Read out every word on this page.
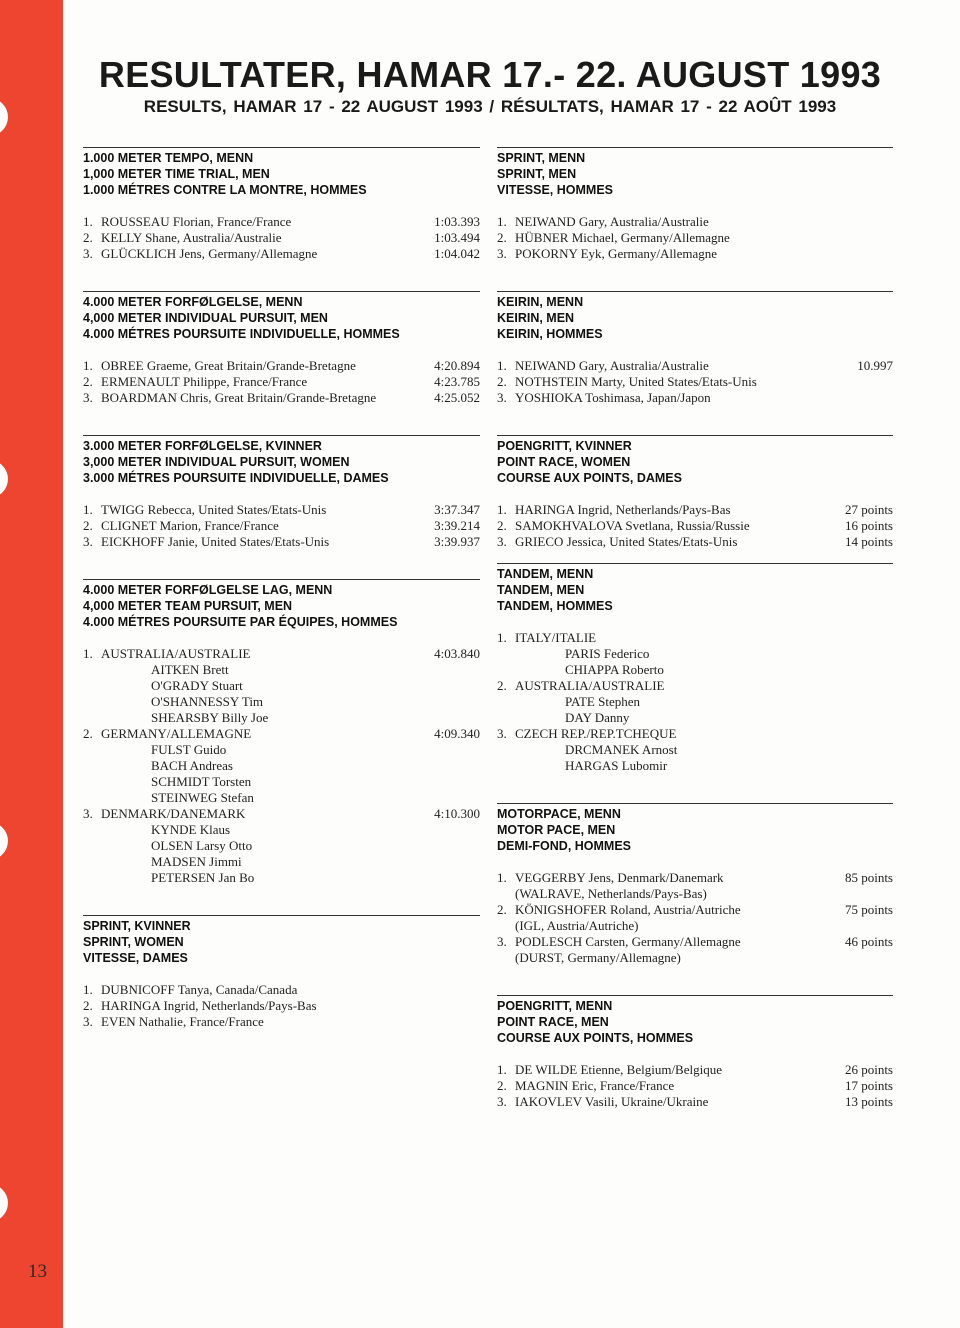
13
RESULTATER, HAMAR 17.- 22. AUGUST 1993
RESULTS, HAMAR 17 - 22 AUGUST 1993 / RÉSULTATS, HAMAR 17 - 22 AOÛT 1993
1.000 METER TEMPO, MENN
1,000 METER TIME TRIAL, MEN
1.000 MÉTRES CONTRE LA MONTRE, HOMMES
1. ROUSSEAU Florian, France/France	1:03.393
2. KELLY Shane, Australia/Australie	1:03.494
3. GLÜCKLICH Jens, Germany/Allemagne	1:04.042
4.000 METER FORFØLGELSE, MENN
4,000 METER INDIVIDUAL PURSUIT, MEN
4.000 MÉTRES POURSUITE INDIVIDUELLE, HOMMES
1. OBREE Graeme, Great Britain/Grande-Bretagne	4:20.894
2. ERMENAULT Philippe, France/France	4:23.785
3. BOARDMAN Chris, Great Britain/Grande-Bretagne	4:25.052
3.000 METER FORFØLGELSE, KVINNER
3,000 METER INDIVIDUAL PURSUIT, WOMEN
3.000 MÉTRES POURSUITE INDIVIDUELLE, DAMES
1. TWIGG Rebecca, United States/Etats-Unis	3:37.347
2. CLIGNET Marion, France/France	3:39.214
3. EICKHOFF Janie, United States/Etats-Unis	3:39.937
4.000 METER FORFØLGELSE LAG, MENN
4,000 METER TEAM PURSUIT, MEN
4.000 MÉTRES POURSUITE PAR ÉQUIPES, HOMMES
1. AUSTRALIA/AUSTRALIE	4:03.840
AITKEN Brett
O'GRADY Stuart
O'SHANNESSY Tim
SHEARSBY Billy Joe
2. GERMANY/ALLEMAGNE	4:09.340
FULST Guido
BACH Andreas
SCHMIDT Torsten
STEINWEG Stefan
3. DENMARK/DANEMARK	4:10.300
KYNDE Klaus
OLSEN Larsy Otto
MADSEN Jimmi
PETERSEN Jan Bo
SPRINT, KVINNER
SPRINT, WOMEN
VITESSE, DAMES
1. DUBNICOFF Tanya, Canada/Canada
2. HARINGA Ingrid, Netherlands/Pays-Bas
3. EVEN Nathalie, France/France
SPRINT, MENN
SPRINT, MEN
VITESSE, HOMMES
1. NEIWAND Gary, Australia/Australie
2. HÜBNER Michael, Germany/Allemagne
3. POKORNY Eyk, Germany/Allemagne
KEIRIN, MENN
KEIRIN, MEN
KEIRIN, HOMMES
1. NEIWAND Gary, Australia/Australie	10.997
2. NOTHSTEIN Marty, United States/Etats-Unis
3. YOSHIOKA Toshimasa, Japan/Japon
POENGRITT, KVINNER
POINT RACE, WOMEN
COURSE AUX POINTS, DAMES
1. HARINGA Ingrid, Netherlands/Pays-Bas	27 points
2. SAMOKHVALOVA Svetlana, Russia/Russie	16 points
3. GRIECO Jessica, United States/Etats-Unis	14 points
TANDEM, MENN
TANDEM, MEN
TANDEM, HOMMES
1. ITALY/ITALIE
PARIS Federico
CHIAPPA Roberto
2. AUSTRALIA/AUSTRALIE
PATE Stephen
DAY Danny
3. CZECH REP./REP.TCHEQUE
DRCMANEK Arnost
HARGAS Lubomir
MOTORPACE, MENN
MOTOR PACE, MEN
DEMI-FOND, HOMMES
1. VEGGERBY Jens, Denmark/Danemark	85 points
(WALRAVE, Netherlands/Pays-Bas)
2. KÖNIGSHOFER Roland, Austria/Autriche	75 points
(IGL, Austria/Autriche)
3. PODLESCH Carsten, Germany/Allemagne	46 points
(DURST, Germany/Allemagne)
POENGRITT, MENN
POINT RACE, MEN
COURSE AUX POINTS, HOMMES
1. DE WILDE Etienne, Belgium/Belgique	26 points
2. MAGNIN Eric, France/France	17 points
3. IAKOVLEV Vasili, Ukraine/Ukraine	13 points
